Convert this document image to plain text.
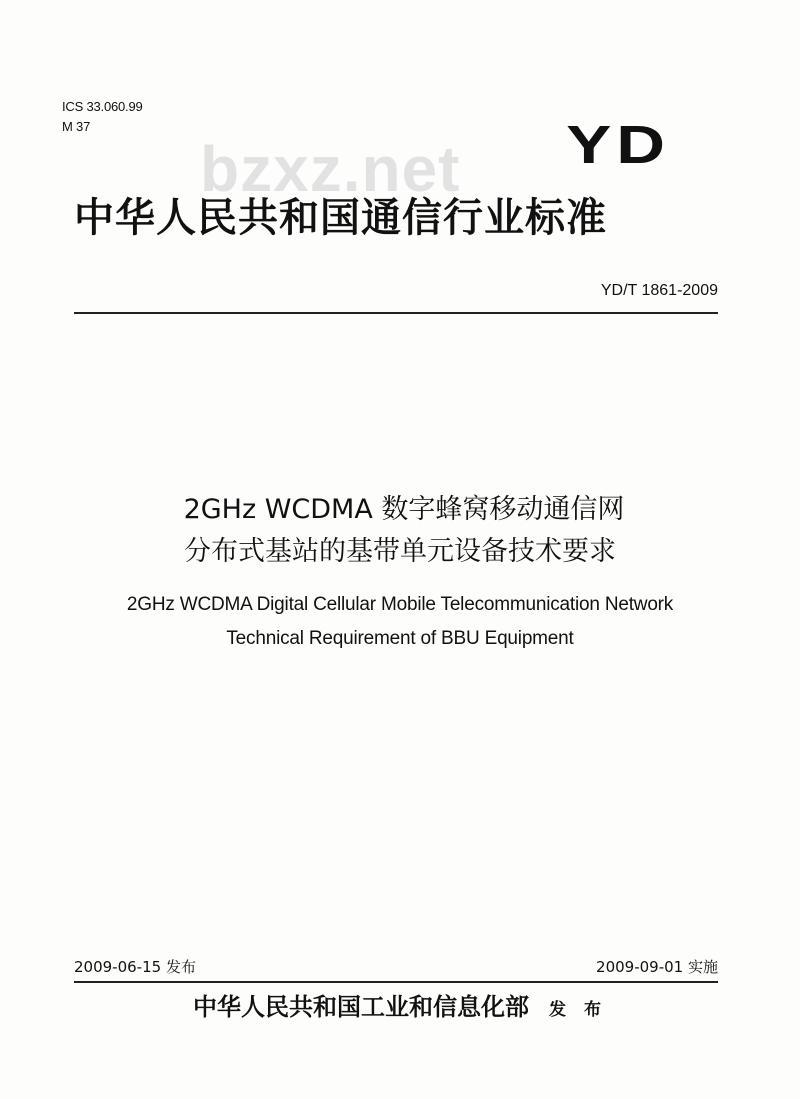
ICS 33.060.99
M 37
bzxz.net YD
中华人民共和国通信行业标准
YD/T 1861-2009
2GHz WCDMA 数字蜂窝移动通信网
分布式基站的基带单元设备技术要求
2GHz WCDMA Digital Cellular Mobile Telecommunication Network
Technical Requirement of BBU Equipment
2009-06-15 发布	2009-09-01 实施
中华人民共和国工业和信息化部 发 布
